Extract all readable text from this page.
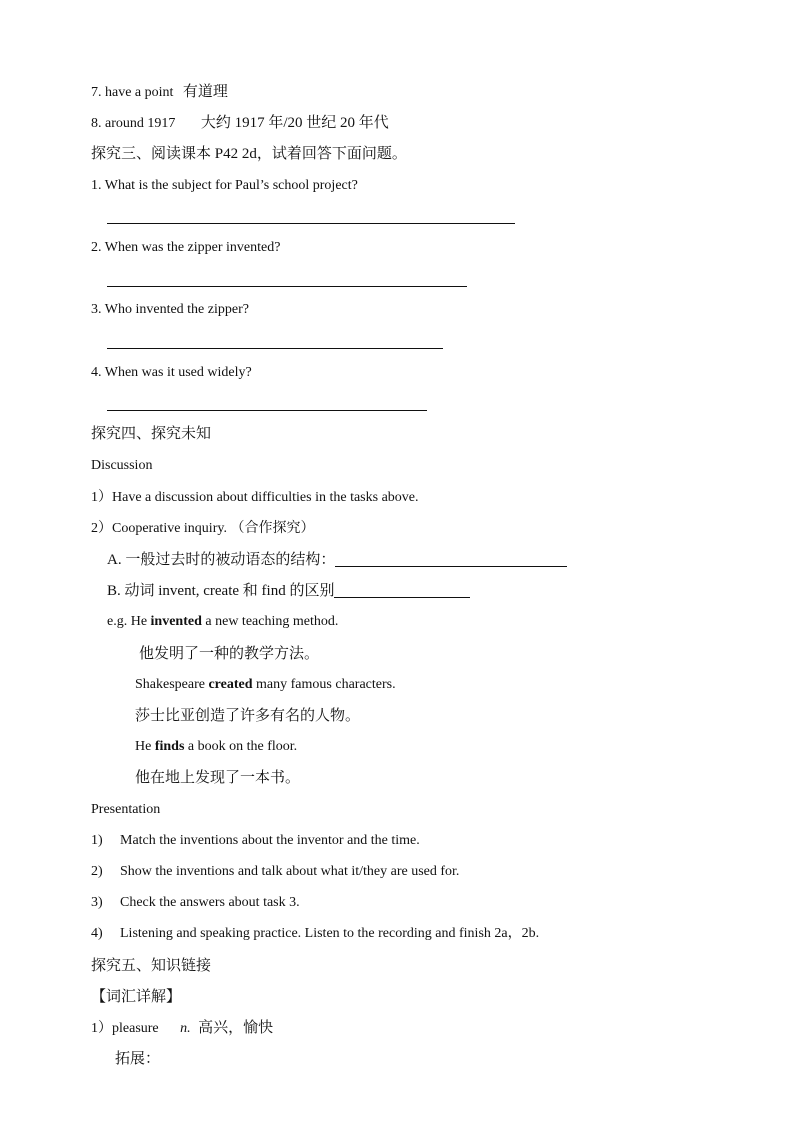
7. have a point 有道理
8. around 1917 大约 1917 年/20 世纪 20 年代
探究三、阅读课本 P42 2d，试着回答下面问题。
1. What is the subject for Paul’s school project?
2. When was the zipper invented?
3. Who invented the zipper?
4. When was it used widely?
探究四、探究未知
Discussion
1）Have a discussion about difficulties in the tasks above.
2）Cooperative inquiry. （合作探究）
A. 一般过去时的被动语态的结构：
B. 动词 invent, create 和 find 的区别
e.g. He invented a new teaching method.
他发明了一种的教学方法。
Shakespeare created many famous characters.
莎士比亚创造了许多有名的人物。
He finds a book on the floor.
他在地上发现了一本书。
Presentation
1) Match the inventions about the inventor and the time.
2) Show the inventions and talk about what it/they are used for.
3) Check the answers about task 3.
4) Listening and speaking practice. Listen to the recording and finish 2a，2b.
探究五、知识链接
【词汇详解】
1）pleasure n. 高兴，愉快
拓展：
